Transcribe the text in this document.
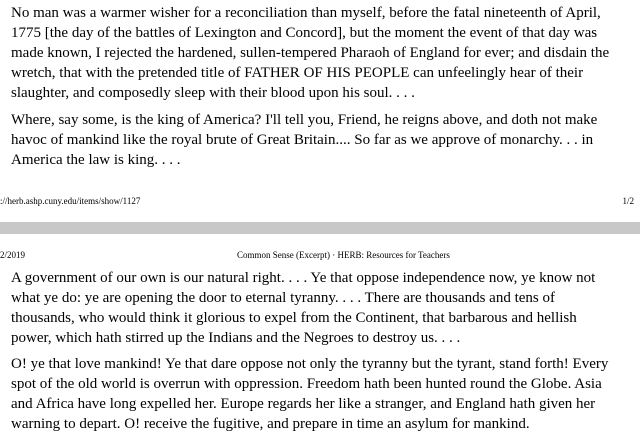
No man was a warmer wisher for a reconciliation than myself, before the fatal nineteenth of April,
1775 [the day of the battles of Lexington and Concord], but the moment the event of that day was
made known, I rejected the hardened, sullen-tempered Pharaoh of England for ever; and disdain the
wretch, that with the pretended title of FATHER OF HIS PEOPLE can unfeelingly hear of their
slaughter, and composedly sleep with their blood upon his soul. . . .

Where, say some, is the king of America? I'll tell you, Friend, he reigns above, and doth not make
havoc of mankind like the royal brute of Great Britain.... So far as we approve of monarchy. . . in
America the law is king. . . .

://herb.ashp.cuny.edu/items/show/1127	1/2
2/2019	Common Sense (Excerpt) · HERB: Resources for Teachers

A government of our own is our natural right. . . . Ye that oppose independence now, ye know not
what ye do: ye are opening the door to eternal tyranny. . . . There are thousands and tens of
thousands, who would think it glorious to expel from the Continent, that barbarous and hellish
power, which hath stirred up the Indians and the Negroes to destroy us. . . .

O! ye that love mankind! Ye that dare oppose not only the tyranny but the tyrant, stand forth! Every
spot of the old world is overrun with oppression. Freedom hath been hunted round the Globe. Asia
and Africa have long expelled her. Europe regards her like a stranger, and England hath given her
warning to depart. O! receive the fugitive, and prepare in time an asylum for mankind.
